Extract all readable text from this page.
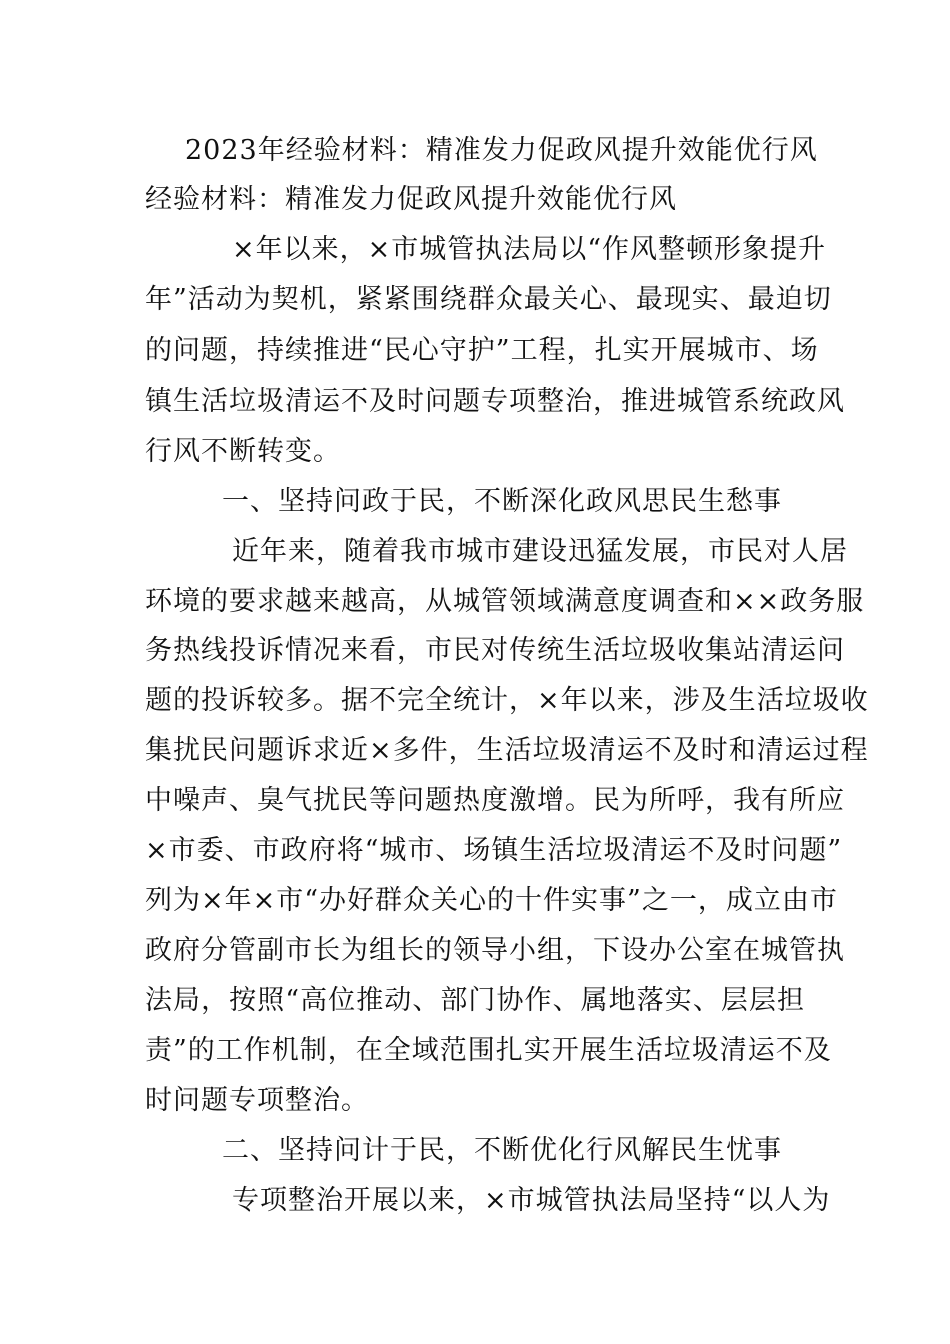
2023年经验材料：精准发力促政风提升效能优行风
经验材料：精准发力促政风提升效能优行风
×年以来，×市城管执法局以“作风整顿形象提升
年”活动为契机，紧紧围绕群众最关心、最现实、最迫切
的问题，持续推进“民心守护”工程，扎实开展城市、场
镇生活垃圾清运不及时问题专项整治，推进城管系统政风
行风不断转变。
一、坚持问政于民，不断深化政风思民生愁事
近年来，随着我市城市建设迅猛发展，市民对人居
环境的要求越来越高，从城管领域满意度调查和××政务服
务热线投诉情况来看，市民对传统生活垃圾收集站清运问
题的投诉较多。据不完全统计，×年以来，涉及生活垃圾收
集扰民问题诉求近×多件，生活垃圾清运不及时和清运过程
中噪声、臭气扰民等问题热度激增。民为所呼，我有所应
×市委、市政府将“城市、场镇生活垃圾清运不及时问题”
列为×年×市“办好群众关心的十件实事”之一，成立由市
政府分管副市长为组长的领导小组，下设办公室在城管执
法局，按照“高位推动、部门协作、属地落实、层层担
责”的工作机制，在全域范围扎实开展生活垃圾清运不及
时问题专项整治。
二、坚持问计于民，不断优化行风解民生忧事
专项整治开展以来，×市城管执法局坚持“以人为
